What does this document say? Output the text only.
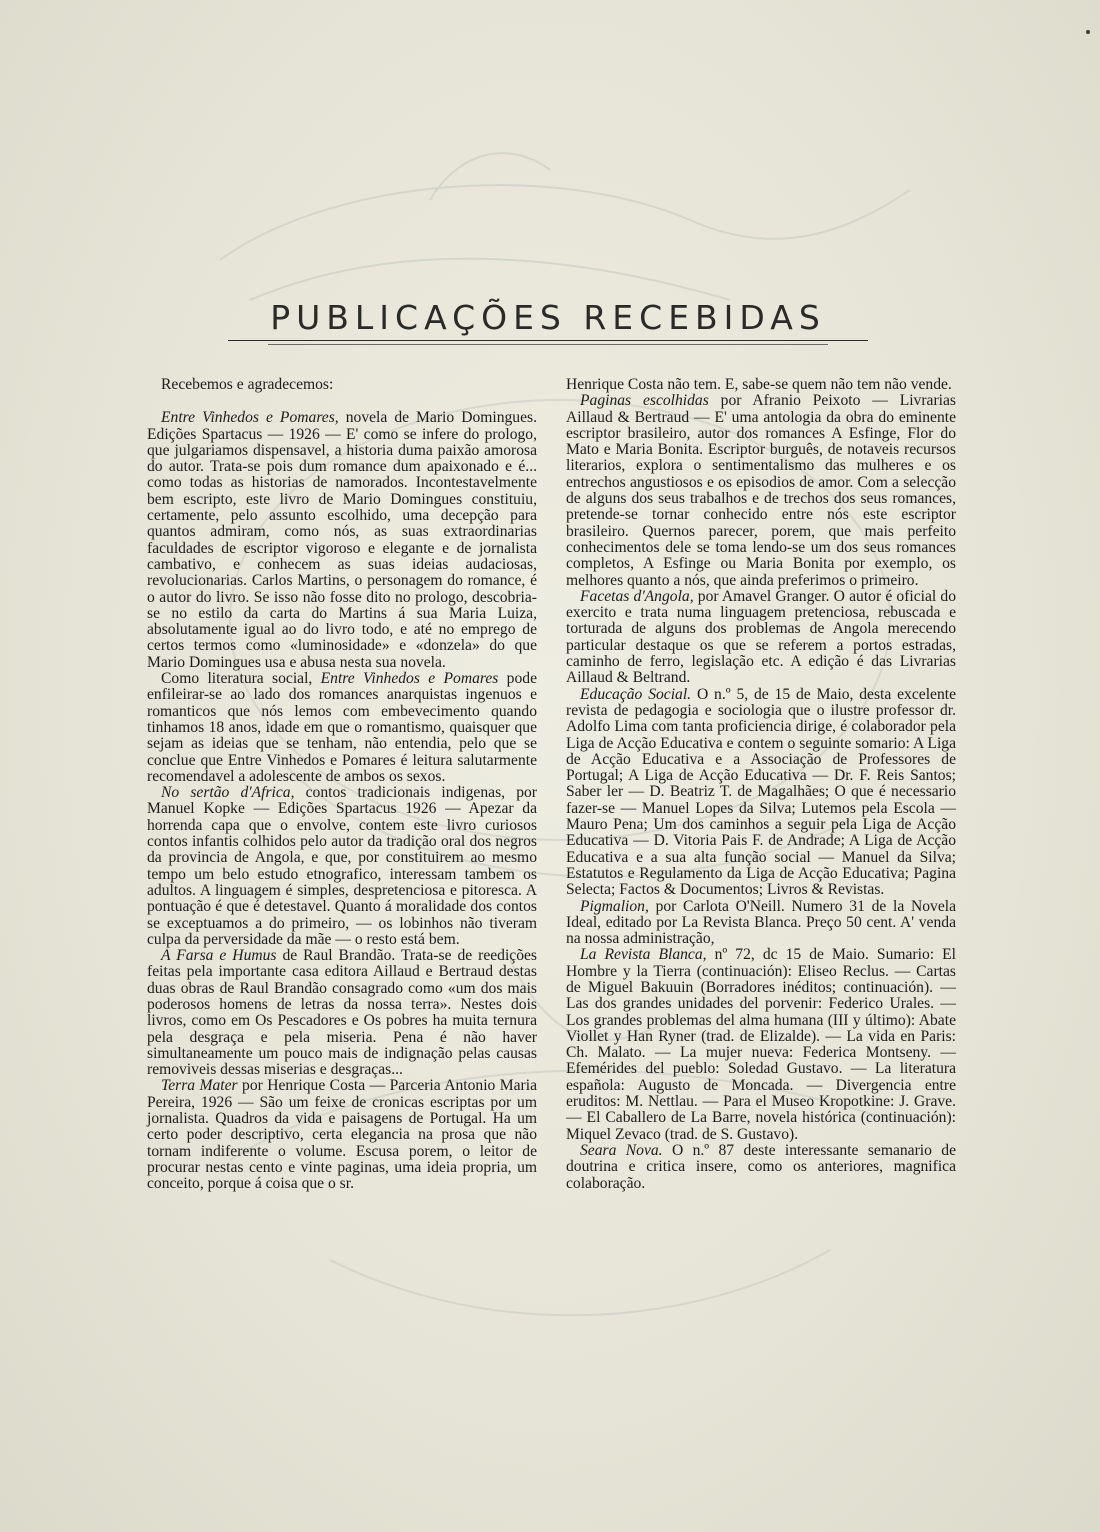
PUBLICAÇÕES RECEBIDAS

Recebemos e agradecemos:

Entre Vinhedos e Pomares, novela de Mario Domingues. Edições Spartacus — 1926 — E' como se infere do prologo, que julgariamos dispensavel, a historia duma paixão amorosa do autor. Trata-se pois dum romance dum apaixonado e é... como todas as historias de namorados. Incontestavelmente bem escripto, este livro de Mario Domingues constituiu, certamente, pelo assunto escolhido, uma decepção para quantos admiram, como nós, as suas extraordinarias faculdades de escriptor vigoroso e elegante e de jornalista cambativo, e conhecem as suas ideias audaciosas, revolucionarias. Carlos Martins, o personagem do romance, é o autor do livro. Se isso não fosse dito no prologo, descobria-se no estilo da carta do Martins á sua Maria Luiza, absolutamente igual ao do livro todo, e até no emprego de certos termos como «luminosidade» e «donzela» do que Mario Domingues usa e abusa nesta sua novela.

Como literatura social, Entre Vinhedos e Pomares pode enfileirar-se ao lado dos romances anarquistas ingenuos e romanticos que nós lemos com embevecimento quando tinhamos 18 anos, idade em que o romantismo, quaisquer que sejam as ideias que se tenham, não entendia, pelo que se conclue que Entre Vinhedos e Pomares é leitura salutarmente recomendavel a adolescente de ambos os sexos.

No sertão d'Africa, contos tradicionais indigenas, por Manuel Kopke — Edições Spartacus 1926 — Apezar da horrenda capa que o envolve, contem este livro curiosos contos infantis colhidos pelo autor da tradição oral dos negros da provincia de Angola, e que, por constituirem ao mesmo tempo um belo estudo etnografico, interessam tambem os adultos. A linguagem é simples, despretenciosa e pitoresca. A pontuação é que é detestavel. Quanto á moralidade dos contos se exceptuamos a do primeiro, — os lobinhos não tiveram culpa da perversidade da mãe — o resto está bem.

A Farsa e Humus de Raul Brandão. Trata-se de reedições feitas pela importante casa editora Aillaud e Bertraud destas duas obras de Raul Brandão consagrado como «um dos mais poderosos homens de letras da nossa terra». Nestes dois livros, como em Os Pescadores e Os pobres ha muita ternura pela desgraça e pela miseria. Pena é não haver simultaneamente um pouco mais de indignação pelas causas removiveis dessas miserias e desgraças...

Terra Mater por Henrique Costa — Parceria Antonio Maria Pereira, 1926 — São um feixe de cronicas escriptas por um jornalista. Quadros da vida e paisagens de Portugal. Ha um certo poder descriptivo, certa elegancia na prosa que não tornam indiferente o volume. Escusa porem, o leitor de procurar nestas cento e vinte paginas, uma ideia propria, um conceito, porque á coisa que o sr.

Henrique Costa não tem. E, sabe-se quem não tem não vende.

Paginas escolhidas por Afranio Peixoto — Livrarias Aillaud & Bertraud — E' uma antologia da obra do eminente escriptor brasileiro, autor dos romances A Esfinge, Flor do Mato e Maria Bonita. Escriptor burguês, de notaveis recursos literarios, explora o sentimentalismo das mulheres e os entrechos angustiosos e os episodios de amor. Com a selecção de alguns dos seus trabalhos e de trechos dos seus romances, pretende-se tornar conhecido entre nós este escriptor brasileiro. Quernos parecer, porem, que mais perfeito conhecimentos dele se toma lendo-se um dos seus romances completos, A Esfinge ou Maria Bonita por exemplo, os melhores quanto a nós, que ainda preferimos o primeiro.

Facetas d'Angola, por Amavel Granger. O autor é oficial do exercito e trata numa linguagem pretenciosa, rebuscada e torturada de alguns dos problemas de Angola merecendo particular destaque os que se referem a portos estradas, caminho de ferro, legislação etc. A edição é das Livrarias Aillaud & Beltrand.

Educação Social. O n.º 5, de 15 de Maio, desta excelente revista de pedagogia e sociologia que o ilustre professor dr. Adolfo Lima com tanta proficiencia dirige, é colaborador pela Liga de Acção Educativa e contem o seguinte somario: A Liga de Acção Educativa e a Associação de Professores de Portugal; A Liga de Acção Educativa — Dr. F. Reis Santos; Saber ler — D. Beatriz T. de Magalhães; O que é necessario fazer-se — Manuel Lopes da Silva; Lutemos pela Escola — Mauro Pena; Um dos caminhos a seguir pela Liga de Acção Educativa — D. Vitoria Pais F. de Andrade; A Liga de Acção Educativa e a sua alta função social — Manuel da Silva; Estatutos e Regulamento da Liga de Acção Educativa; Pagina Selecta; Factos & Documentos; Livros & Revistas.

Pigmalion, por Carlota O'Neill. Numero 31 de la Novela Ideal, editado por La Revista Blanca. Preço 50 cent. A' venda na nossa administração,

La Revista Blanca, nº 72, dc 15 de Maio. Sumario: El Hombre y la Tierra (continuación): Eliseo Reclus. — Cartas de Miguel Bakuuin (Borradores inéditos; continuación). — Las dos grandes unidades del porvenir: Federico Urales. — Los grandes problemas del alma humana (III y último): Abate Viollet y Han Ryner (trad. de Elizalde). — La vida en Paris: Ch. Malato. — La mujer nueva: Federica Montseny. — Efemérides del pueblo: Soledad Gustavo. — La literatura española: Augusto de Moncada. — Divergencia entre eruditos: M. Nettlau. — Para el Museo Kropotkine: J. Grave. — El Caballero de La Barre, novela histórica (continuación): Miquel Zevaco (trad. de S. Gustavo).

Seara Nova. O n.º 87 deste interessante semanario de doutrina e critica insere, como os anteriores, magnifica colaboração.
